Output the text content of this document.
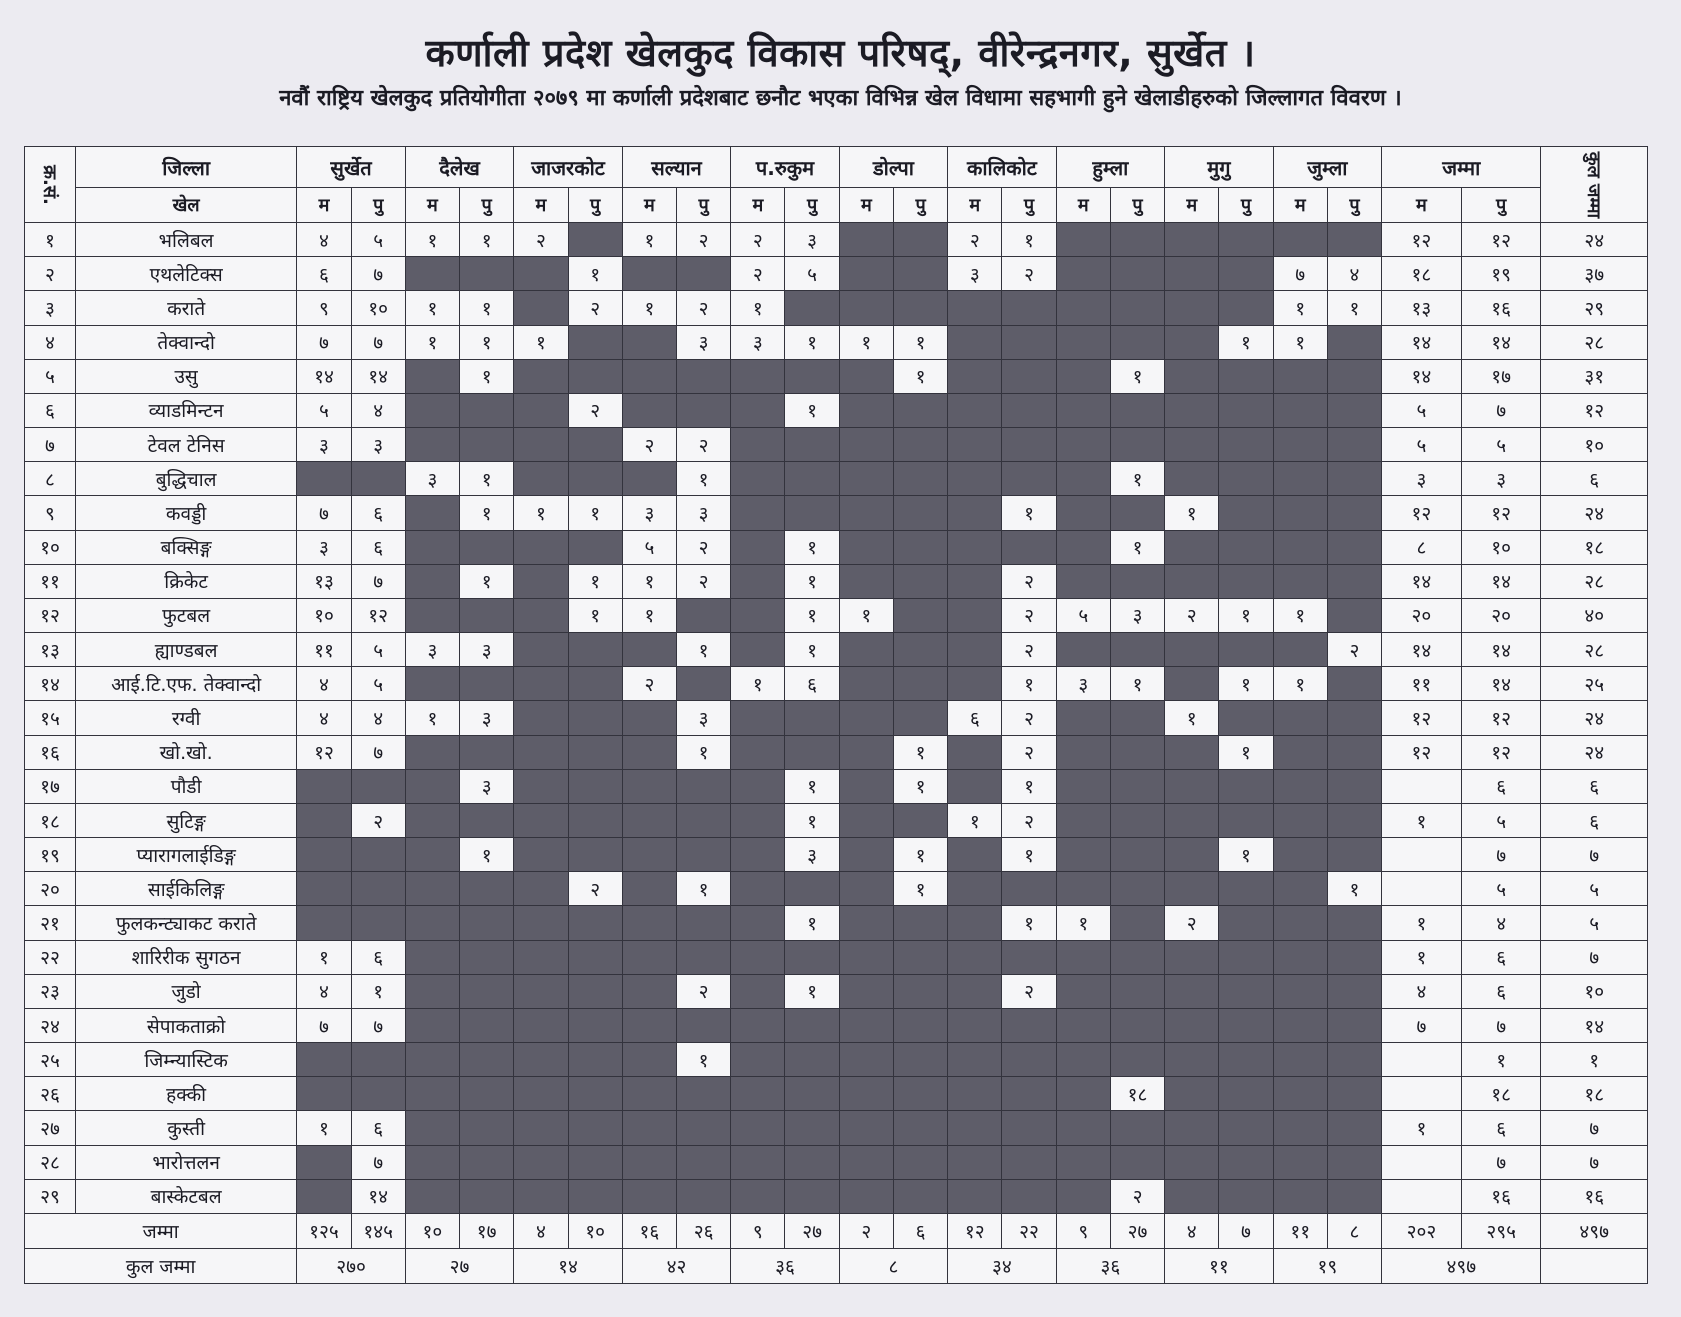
कर्णाली प्रदेश खेलकुद विकास परिषद्, वीरेन्द्रनगर, सुर्खेत ।
नवौं राष्ट्रिय खेलकुद प्रतियोगीता २०७९ मा कर्णाली प्रदेशबाट छनौट भएका विभिन्न खेल विधामा सहभागी हुने खेलाडीहरुको जिल्लागत विवरण ।
क्र.सं.	जिल्ला	सुर्खेत		दैलेख		जाजरकोट		सल्यान		प.रुकुम		डोल्पा		कालिकोट		हुम्ला		मुगु		जुम्ला		जम्मा		कुल जम्मा
	खेल	म	पु	म	पु	म	पु	म	पु	म	पु	म	पु	म	पु	म	पु	म	पु	म	पु	म	पु	
१	भलिबल	४	५	१	१	२		१	२	२	३			२	१							१२	१२	२४
२	एथलेटिक्स	६	७				१			२	५			३	२					७	४	१८	१९	३७
३	कराते	९	१०	१	१		२	१	२	१										१	१	१३	१६	२९
४	तेक्वान्दो	७	७	१	१	१			३	३	१	१	१						१	१		१४	१४	२८
५	उसु	१४	१४		१								१				१					१४	१७	३१
६	व्याडमिन्टन	५	४				२				१											५	७	१२
७	टेवल टेनिस	३	३					२	२													५	५	१०
८	बुद्धिचाल			३	१				१								१					३	३	६
९	कवड्डी	७	६		१	१	१	३	३						१			१				१२	१२	२४
१०	बक्सिङ्ग	३	६					५	२		१						१					८	१०	१८
११	क्रिकेट	१३	७		१		१	१	२		१				२							१४	१४	२८
१२	फुटबल	१०	१२				१	१			१	१			२	५	३	२	१	१		२०	२०	४०
१३	ह्याण्डबल	११	५	३	३				१		१				२						२	१४	१४	२८
१४	आई.टि.एफ. तेक्वान्दो	४	५					२		१	६				१	३	१		१	१		११	१४	२५
१५	रग्वी	४	४	१	३				३					६	२			१				१२	१२	२४
१६	खो.खो.	१२	७						१				१		२				१			१२	१२	२४
१७	पौडी				३						१		१		१								६	६
१८	सुटिङ्ग		२								१			१	२							१	५	६
१९	प्यारागलाईडिङ्ग				१						३		१		१				१				७	७
२०	साईकिलिङ्ग						२		१				१								१		५	५
२१	फुलकन्ट्याकट कराते										१				१	१		२				१	४	५
२२	शारिरीक सुगठन	१	६																			१	६	७
२३	जुडो	४	१						२		१				२							४	६	१०
२४	सेपाकताक्रो	७	७																			७	७	१४
२५	जिम्न्यास्टिक								१														१	१
२६	हक्की																१८						१८	१८
२७	कुस्ती	१	६																			१	६	७
२८	भारोत्तलन		७																				७	७
२९	बास्केटबल		१४														२						१६	१६
जम्मा		१२५	१४५	१०	१७	४	१०	१६	२६	९	२७	२	६	१२	२२	९	२७	४	७	११	८	२०२	२९५	४९७
कुल जम्मा		२७०		२७		१४		४२		३६		८		३४		३६		११		१९		४९७		
